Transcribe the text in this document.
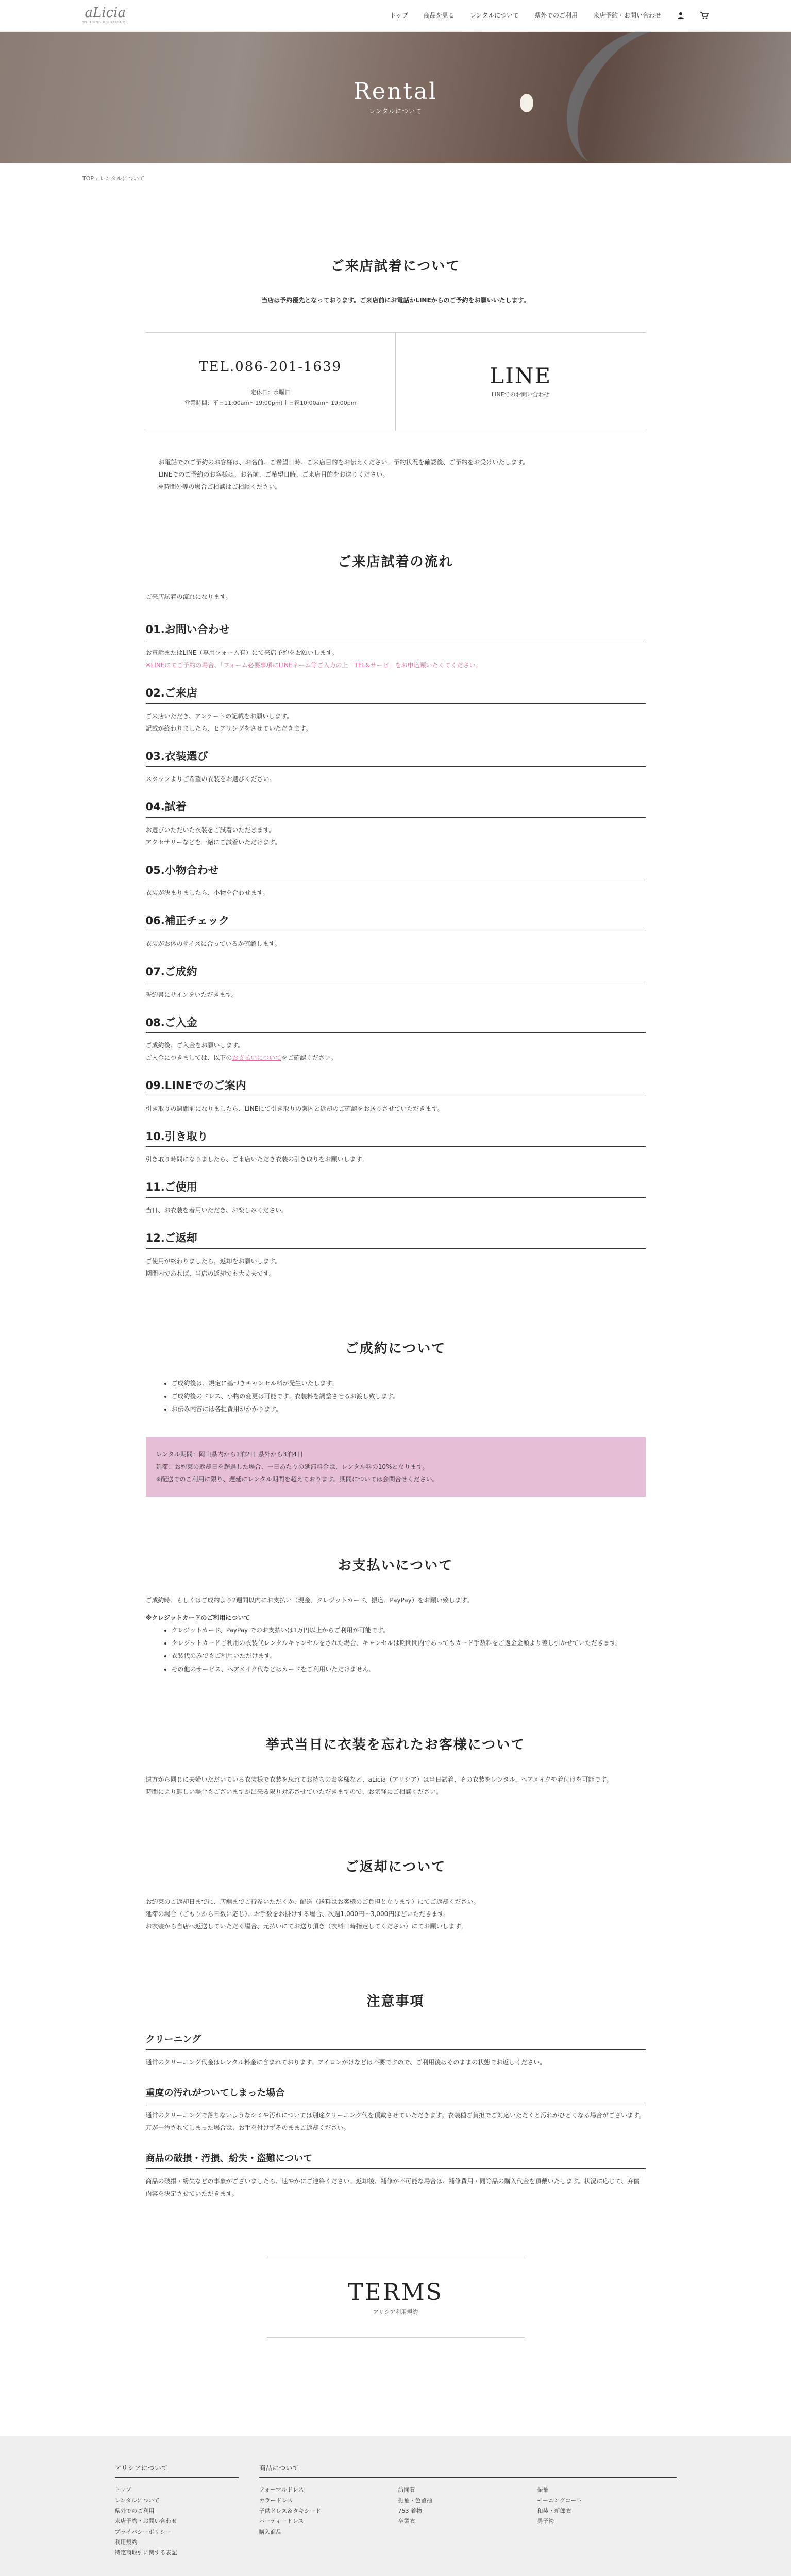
aLicia
WEDDING BRIDALSHOP
トップ	商品を見る	レンタルについて	県外でのご利用	来店予約・お問い合わせ
Rental
レンタルについて
TOP › レンタルについて
ご来店試着について

当店は予約優先となっております。ご来店前にお電話かLINEからのご予約をお願いいたします。

TEL.086-201-1639
定休日：水曜日
営業時間：平日11:00am〜19:00pm(土日祝10:00am〜19:00pm
LINE
LINEでのお問い合わせ

お電話でのご予約のお客様は、お名前、ご希望日時、ご来店目的をお伝えください。予約状況を確認後、ご予約をお受けいたします。

LINEでのご予約のお客様は、お名前、ご希望日時、ご来店目的をお送りください。

※時間外等の場合ご相談はご相談ください。

ご来店試着の流れ

ご来店試着の流れになります。

01.お問い合わせ

お電話またはLINE（専用フォーム有）にて来店予約をお願いします。

※LINEにてご予約の場合、「フォーム必要事項にLINEネーム等ご入力の上「TEL&サービ」をお申込願いたくてください。

02.ご来店

ご来店いただき、アンケートの記載をお願いします。

記載が終わりましたら、ヒアリングをさせていただきます。

03.衣装選び

スタッフよりご希望の衣装をお選びください。

04.試着

お選びいただいた衣装をご試着いただきます。

アクセサリーなどを一緒にご試着いただけます。

05.小物合わせ

衣装が決まりましたら、小物を合わせます。

06.補正チェック

衣装がお体のサイズに合っているか確認します。

07.ご成約

誓約書にサインをいただきます。

08.ご入金

ご成約後、ご入金をお願いします。

ご入金につきましては、以下のお支払いについてをご確認ください。

09.LINEでのご案内

引き取りの週間前になりましたら、LINEにて引き取りの案内と返却のご確認をお送りさせていただきます。

10.引き取り

引き取り時間になりましたら、ご来店いただき衣装の引き取りをお願いします。

11.ご使用

当日、お衣装を着用いただき、お楽しみください。

12.ご返却

ご使用が終わりましたら、返却をお願いします。

期間内であれば、当店の返却でも大丈夫です。

ご成約について
• ご成約後は、規定に基づきキャンセル料が発生いたします。
• ご成約後のドレス、小物の変更は可能です。衣装料を調整させるお渡し致します。
• お伝み内容には各提費用がかかります。

レンタル期間：岡山県内から1泊2日 県外から3泊4日

延滞：お約束の返却日を超過した場合、一日あたりの延滞料金は、レンタル料の10%となります。

※配送でのご利用に限り、遅延にレンタル期間を超えております。期間については会問合せください。

お支払いについて

ご成約時、もしくはご成約より2週間以内にお支払い（現金、クレジットカード、振込、PayPay）をお願い致します。

※クレジットカードのご利用について

• クレジットカード、PayPay でのお支払いは1万円以上からご利用が可能です。
• クレジットカードご利用の衣装代レンタルキャンセルをされた場合、キャンセルは期間間内であってもカード手数料をご返金金額より差し引かせていただきます。
• 衣装代のみでもご利用いただけます。
• その他のサービス、ヘアメイク代などはカードをご利用いただけません。
挙式当日に衣装を忘れたお客様について

遠方から同じに夫婦いただいている衣装様で衣装を忘れてお持ちのお客様など、aLicia（アリシア）は当日試着、その衣装をレンタル、ヘアメイクや着付けを可能です。

時間により難しい場合もございますが出来る限り対応させていただきますので、お気軽にご相談ください。

ご返却について

お約束のご返却日までに、店舗までご持参いただくか、配送（送料はお客様のご負担となります）にてご返却ください。

延滞の場合（ごもりから日数に応じ）、お手数をお掛けする場合、次週1,000円〜3,000円ほどいただきます。

お衣装から自店へ返送していただく場合、元払いにてお送り頂き（衣料日時指定してください）にてお願いします。

注意事項
クリーニング

通常のクリーニング代金はレンタル料金に含まれております。アイロンがけなどは不要ですので、ご利用後はそのままの状態でお返しください。

重度の汚れがついてしまった場合

通常のクリーニングで落ちないようなシミや汚れについては別途クリーニング代を頂戴させていただきます。衣装種ご負担でご対応いただくと汚れがひどくなる場合がございます。万が一汚されてしまった場合は、お手を付けずそのままご返却ください。

商品の破損・汚損、紛失・盗難について

商品の破損・紛失などの事象がございましたら、速やかにご連絡ください。返却後、補修が不可能な場合は、補修費用・同等品の購入代金を頂戴いたします。状況に応じて、弁償内容を決定させていただきます。

TERMS
アリシア利用規約
アリシアについて
トップ
レンタルについて
県外でのご利用
来店予約・お問い合わせ
プライバシーポリシー
利用規約
特定商取引に関する表記
商品について
フォーマルドレス
カラードレス
子供ドレス＆タキシード
パーティードレス
購入商品
訪問着
振袖・色留袖
753 着物
卒業衣
振袖
モーニングコート
和装・新郎衣
男子袴
